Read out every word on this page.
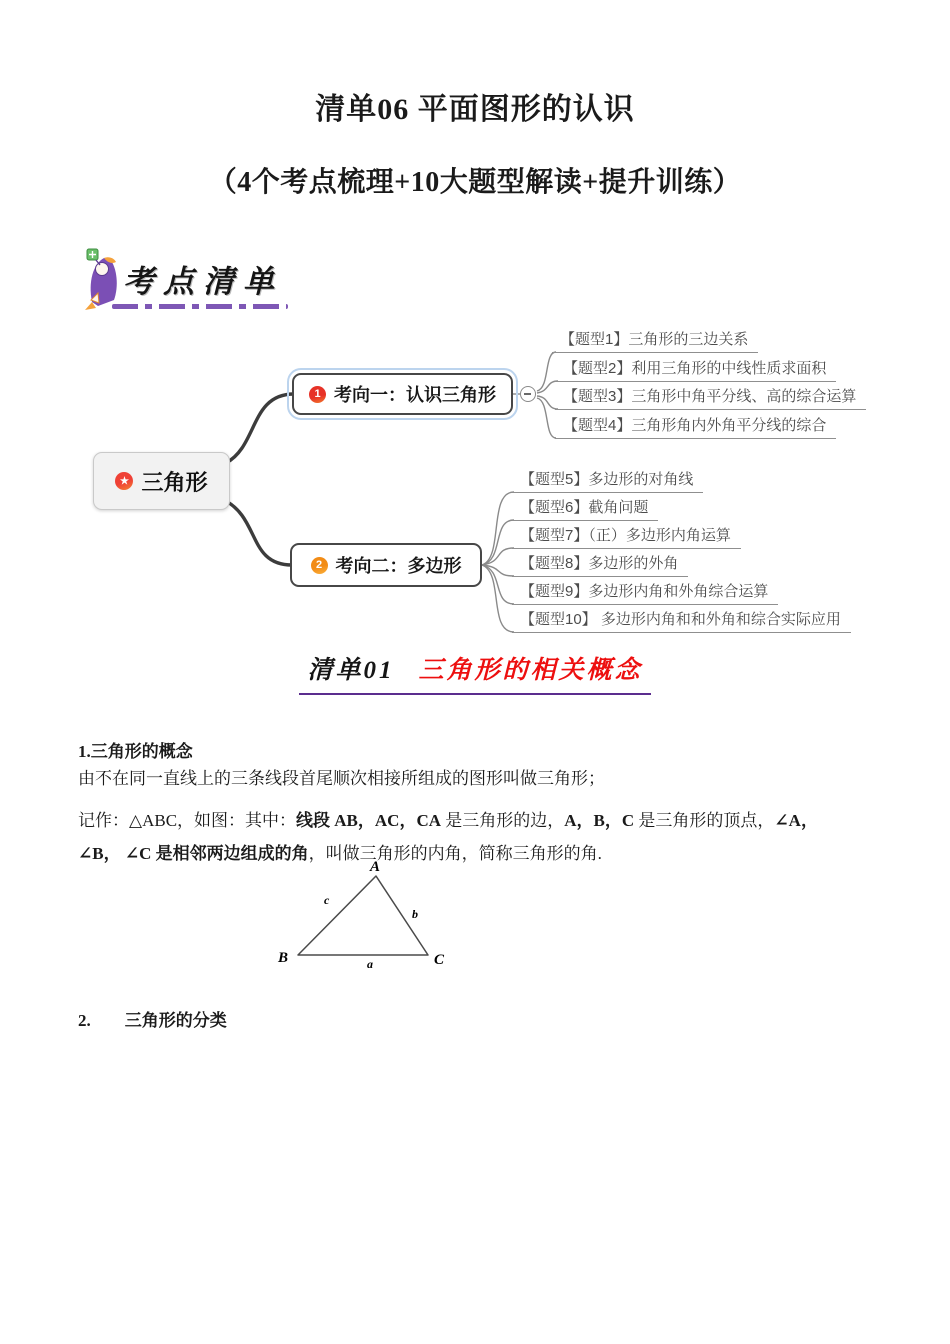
清单06 平面图形的认识
（4个考点梳理+10大题型解读+提升训练）
考点清单
★ 三角形
1 考向一：认识三角形
2 考向二：多边形
【题型1】三角形的三边关系
【题型2】利用三角形的中线性质求面积
【题型3】三角形中角平分线、高的综合运算
【题型4】三角形角内外角平分线的综合
【题型5】多边形的对角线
【题型6】截角问题
【题型7】（正）多边形内角运算
【题型8】多边形的外角
【题型9】多边形内角和外角综合运算
【题型10】 多边形内角和和外角和综合实际应用
清单01 三角形的相关概念
1.三角形的概念
由不在同一直线上的三条线段首尾顺次相接所组成的图形叫做三角形；
记作：△ABC，如图：其中：线段 AB，AC，CA 是三角形的边，A，B，C 是三角形的顶点，∠A，
∠B， ∠C 是相邻两边组成的角，叫做三角形的内角，简称三角形的角.
A
B	C
c
b
a
2. 三角形的分类
